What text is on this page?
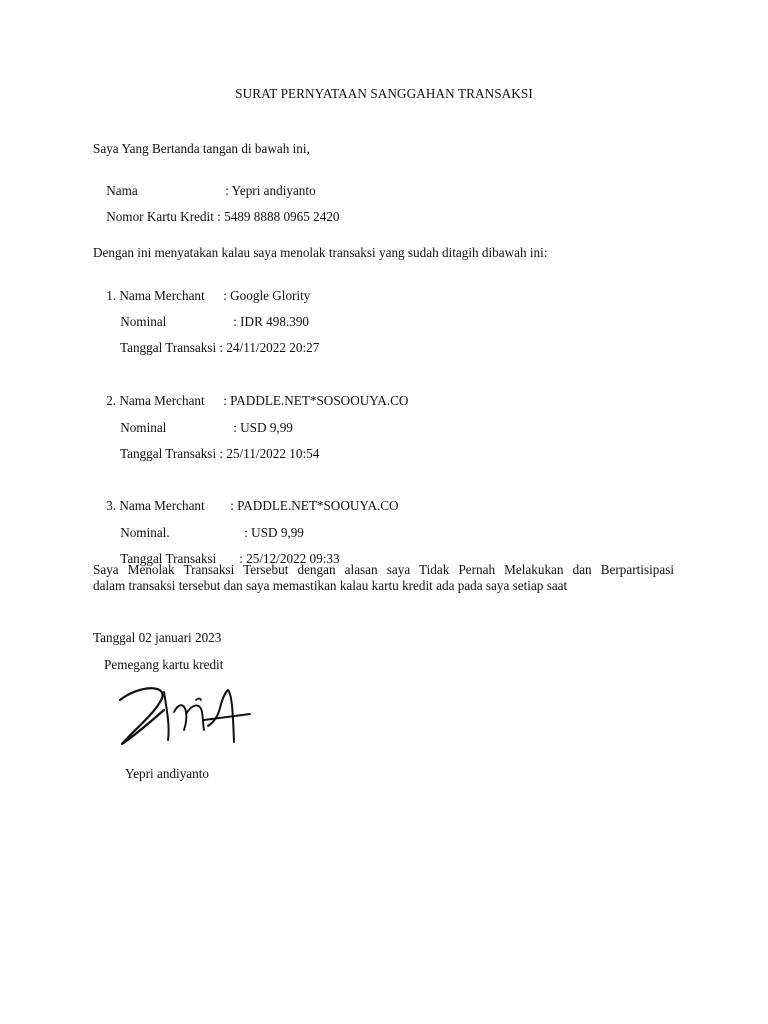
SURAT PERNYATAAN SANGGAHAN TRANSAKSI
Saya Yang Bertanda tangan di bawah ini,

Nama	: Yepri andiyanto

Nomor Kartu Kredit : 5489 8888 0965 2420

Dengan ini menyatakan kalau saya menolak transaksi yang sudah ditagih dibawah ini:

1. Nama Merchant : Google Glority

Nominal	: IDR 498.390

Tanggal Transaksi : 24/11/2022 20:27

2. Nama Merchant : PADDLE.NET*SOSOOUYA.CO

Nominal	: USD 9,99

Tanggal Transaksi : 25/11/2022 10:54

3. Nama Merchant : PADDLE.NET*SOOUYA.CO

Nominal.	: USD 9,99

Tanggal Transaksi : 25/12/2022 09:33

Saya Menolak Transaksi Tersebut dengan alasan saya Tidak Pernah Melakukan dan Berpartisipasi
dalam transaksi tersebut dan saya memastikan kalau kartu kredit ada pada saya setiap saat
Tanggal 02 januari 2023
Pemegang kartu kredit
Yepri andiyanto
